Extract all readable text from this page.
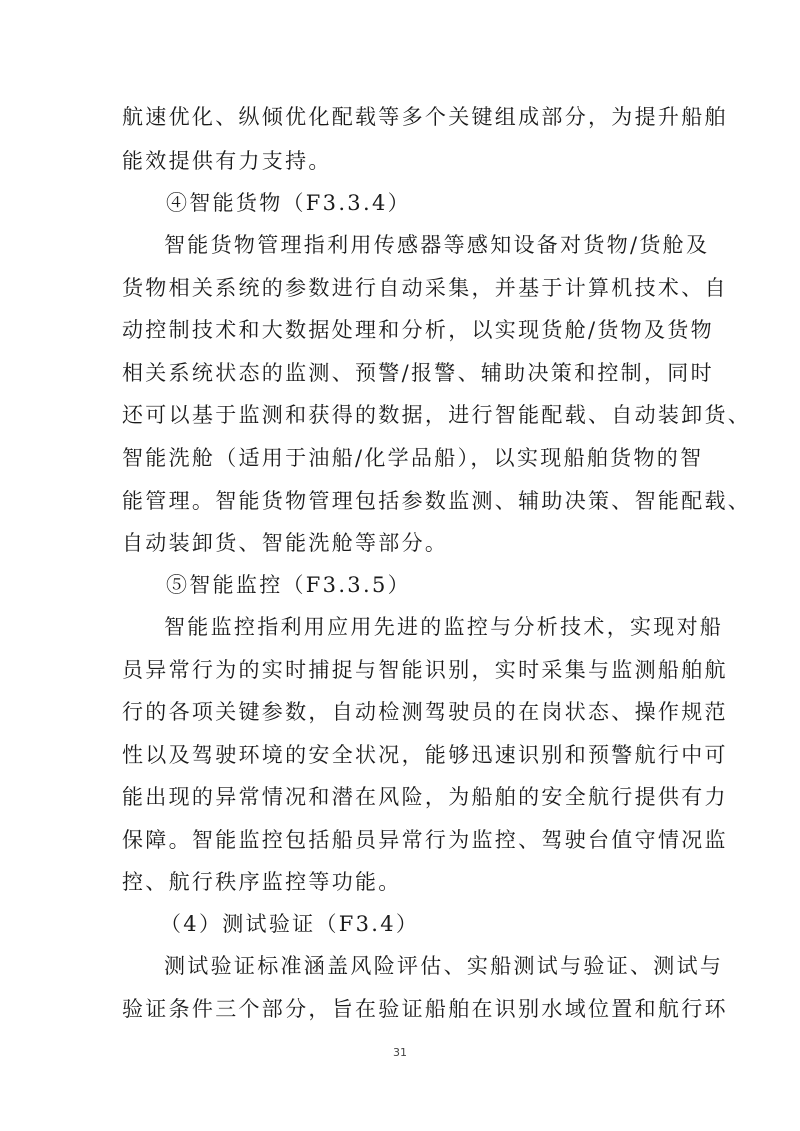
航速优化、纵倾优化配载等多个关键组成部分，为提升船舶
能效提供有力支持。
④智能货物（F3.3.4）
智能货物管理指利用传感器等感知设备对货物/货舱及
货物相关系统的参数进行自动采集，并基于计算机技术、自
动控制技术和大数据处理和分析，以实现货舱/货物及货物
相关系统状态的监测、预警/报警、辅助决策和控制，同时
还可以基于监测和获得的数据，进行智能配载、自动装卸货、
智能洗舱（适用于油船/化学品船），以实现船舶货物的智
能管理。智能货物管理包括参数监测、辅助决策、智能配载、
自动装卸货、智能洗舱等部分。
⑤智能监控（F3.3.5）
智能监控指利用应用先进的监控与分析技术，实现对船
员异常行为的实时捕捉与智能识别，实时采集与监测船舶航
行的各项关键参数，自动检测驾驶员的在岗状态、操作规范
性以及驾驶环境的安全状况，能够迅速识别和预警航行中可
能出现的异常情况和潜在风险，为船舶的安全航行提供有力
保障。智能监控包括船员异常行为监控、驾驶台值守情况监
控、航行秩序监控等功能。
（4）测试验证（F3.4）
测试验证标准涵盖风险评估、实船测试与验证、测试与
验证条件三个部分，旨在验证船舶在识别水域位置和航行环
31
